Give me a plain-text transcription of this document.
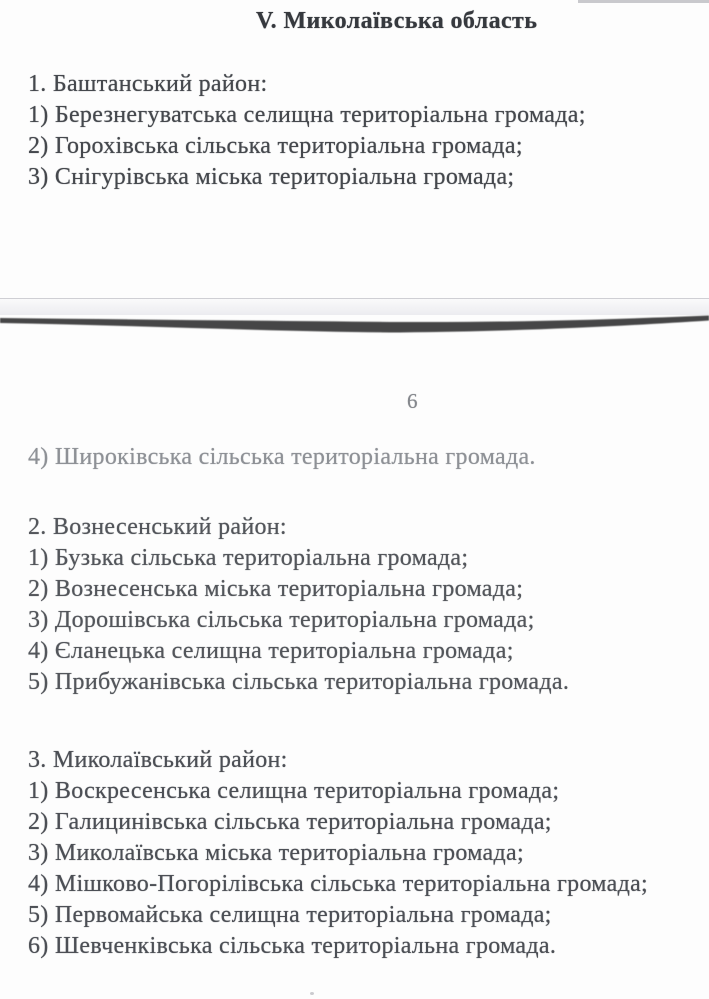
V. Миколаївська область
1. Баштанський район:
1) Березнегуватська селищна територіальна громада;
2) Горохівська сільська територіальна громада;
3) Снігурівська міська територіальна громада;
6
4) Широківська сільська територіальна громада.
2. Вознесенський район:
1) Бузька сільська територіальна громада;
2) Вознесенська міська територіальна громада;
3) Дорошівська сільська територіальна громада;
4) Єланецька селищна територіальна громада;
5) Прибужанівська сільська територіальна громада.
3. Миколаївський район:
1) Воскресенська селищна територіальна громада;
2) Галицинівська сільська територіальна громада;
3) Миколаївська міська територіальна громада;
4) Мішково-Погорілівська сільська територіальна громада;
5) Первомайська селищна територіальна громада;
6) Шевченківська сільська територіальна громада.
